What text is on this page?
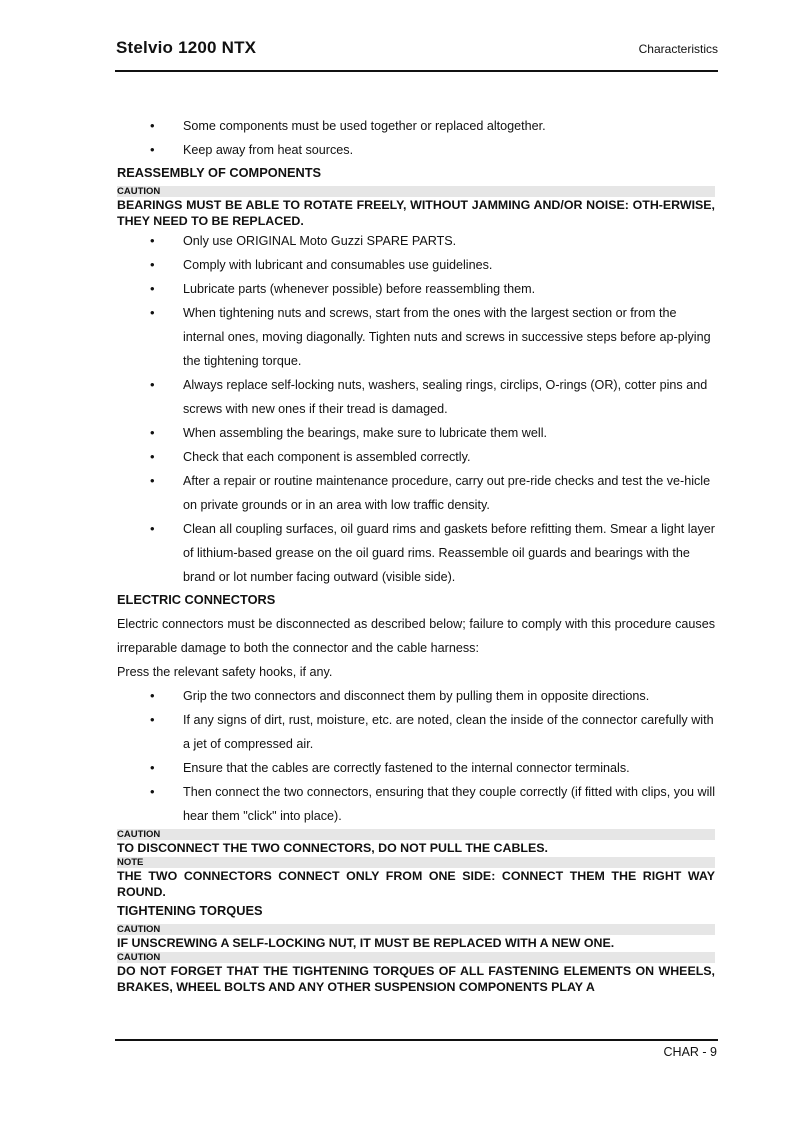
Stelvio 1200 NTX	Characteristics
• Some components must be used together or replaced altogether.
• Keep away from heat sources.
REASSEMBLY OF COMPONENTS
CAUTION
BEARINGS MUST BE ABLE TO ROTATE FREELY, WITHOUT JAMMING AND/OR NOISE: OTH-ERWISE, THEY NEED TO BE REPLACED.
• Only use ORIGINAL Moto Guzzi SPARE PARTS.
• Comply with lubricant and consumables use guidelines.
• Lubricate parts (whenever possible) before reassembling them.
• When tightening nuts and screws, start from the ones with the largest section or from the internal ones, moving diagonally. Tighten nuts and screws in successive steps before ap-plying the tightening torque.
• Always replace self-locking nuts, washers, sealing rings, circlips, O-rings (OR), cotter pins and screws with new ones if their tread is damaged.
• When assembling the bearings, make sure to lubricate them well.
• Check that each component is assembled correctly.
• After a repair or routine maintenance procedure, carry out pre-ride checks and test the ve-hicle on private grounds or in an area with low traffic density.
• Clean all coupling surfaces, oil guard rims and gaskets before refitting them. Smear a light layer of lithium-based grease on the oil guard rims. Reassemble oil guards and bearings with the brand or lot number facing outward (visible side).
ELECTRIC CONNECTORS
Electric connectors must be disconnected as described below; failure to comply with this procedure causes irreparable damage to both the connector and the cable harness:
Press the relevant safety hooks, if any.
• Grip the two connectors and disconnect them by pulling them in opposite directions.
• If any signs of dirt, rust, moisture, etc. are noted, clean the inside of the connector carefully with a jet of compressed air.
• Ensure that the cables are correctly fastened to the internal connector terminals.
• Then connect the two connectors, ensuring that they couple correctly (if fitted with clips, you will hear them "click" into place).
CAUTION
TO DISCONNECT THE TWO CONNECTORS, DO NOT PULL THE CABLES.
NOTE
THE TWO CONNECTORS CONNECT ONLY FROM ONE SIDE: CONNECT THEM THE RIGHT WAY ROUND.
TIGHTENING TORQUES
CAUTION
IF UNSCREWING A SELF-LOCKING NUT, IT MUST BE REPLACED WITH A NEW ONE.
CAUTION
DO NOT FORGET THAT THE TIGHTENING TORQUES OF ALL FASTENING ELEMENTS ON WHEELS, BRAKES, WHEEL BOLTS AND ANY OTHER SUSPENSION COMPONENTS PLAY A
CHAR - 9
